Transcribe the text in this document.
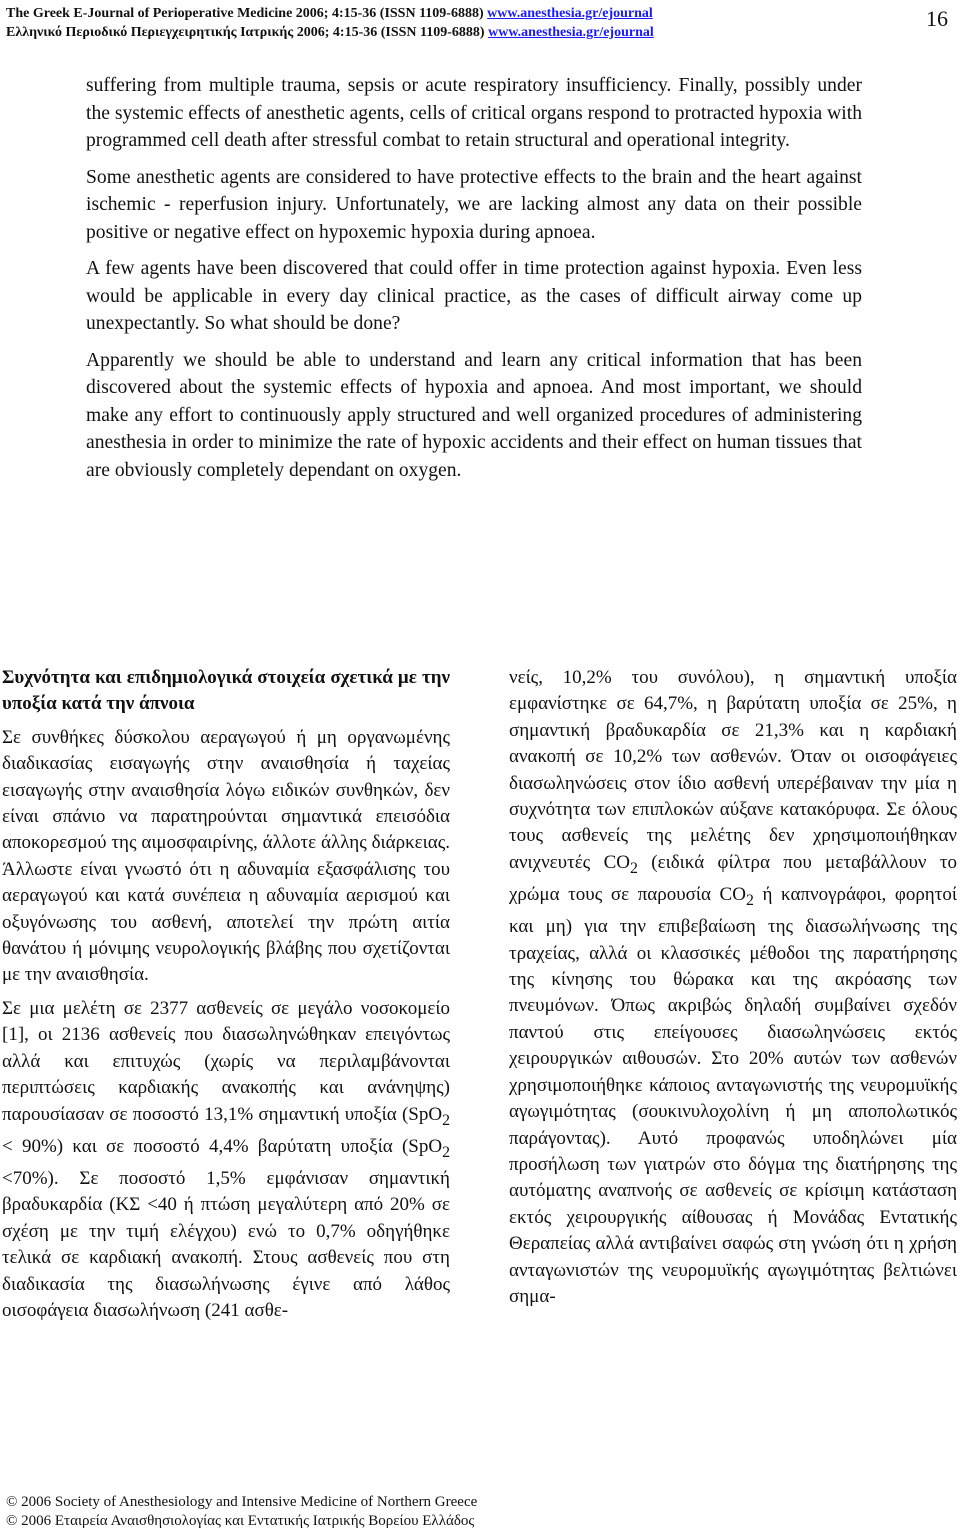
The Greek E-Journal of Perioperative Medicine 2006; 4:15-36 (ISSN 1109-6888) www.anesthesia.gr/ejournal
Ελληνικό Περιοδικό Περιεγχειρητικής Ιατρικής 2006; 4:15-36 (ISSN 1109-6888) www.anesthesia.gr/ejournal
16

suffering from multiple trauma, sepsis or acute respiratory insufficiency. Finally, possibly under the systemic effects of anesthetic agents, cells of critical organs respond to protracted hypoxia with programmed cell death after stressful combat to retain structural and operational integrity.

Some anesthetic agents are considered to have protective effects to the brain and the heart against ischemic - reperfusion injury. Unfortunately, we are lacking almost any data on their possible positive or negative effect on hypoxemic hypoxia during apnoea.

A few agents have been discovered that could offer in time protection against hypoxia. Even less would be applicable in every day clinical practice, as the cases of difficult airway come up unexpectantly. So what should be done?

Apparently we should be able to understand and learn any critical information that has been discovered about the systemic effects of hypoxia and apnoea. And most important, we should make any effort to continuously apply structured and well organized procedures of administering anesthesia in order to minimize the rate of hypoxic accidents and their effect on human tissues that are obviously completely dependant on oxygen.

Συχνότητα και επιδημιολογικά στοιχεία σχετικά με την υποξία κατά την άπνοια

Σε συνθήκες δύσκολου αεραγωγού ή μη οργανωμένης διαδικασίας εισαγωγής στην αναισθησία ή ταχείας εισαγωγής στην αναισθησία λόγω ειδικών συνθηκών, δεν είναι σπάνιο να παρατηρούνται σημαντικά επεισόδια αποκορεσμού της αιμοσφαιρίνης, άλλοτε άλλης διάρκειας. Άλλωστε είναι γνωστό ότι η αδυναμία εξασφάλισης του αεραγωγού και κατά συνέπεια η αδυναμία αερισμού και οξυγόνωσης του ασθενή, αποτελεί την πρώτη αιτία θανάτου ή μόνιμης νευρολογικής βλάβης που σχετίζονται με την αναισθησία.

Σε μια μελέτη σε 2377 ασθενείς σε μεγάλο νοσοκομείο [1], οι 2136 ασθενείς που διασωληνώθηκαν επειγόντως αλλά και επιτυχώς (χωρίς να περιλαμβάνονται περιπτώσεις καρδιακής ανακοπής και ανάνηψης) παρουσίασαν σε ποσοστό 13,1% σημαντική υποξία (SpO$_2$ < 90%) και σε ποσοστό 4,4% βαρύτατη υποξία (SpO$_2$ <70%). Σε ποσοστό 1,5% εμφάνισαν σημαντική βραδυκαρδία (ΚΣ <40 ή πτώση μεγαλύτερη από 20% σε σχέση με την τιμή ελέγχου) ενώ το 0,7% οδηγήθηκε τελικά σε καρδιακή ανακοπή. Στους ασθενείς που στη διαδικασία της διασωλήνωσης έγινε από λάθος οισοφάγεια διασωλήνωση (241 ασθε-

νείς, 10,2% του συνόλου), η σημαντική υποξία εμφανίστηκε σε 64,7%, η βαρύτατη υποξία σε 25%, η σημαντική βραδυκαρδία σε 21,3% και η καρδιακή ανακοπή σε 10,2% των ασθενών. Όταν οι οισοφάγειες διασωληνώσεις στον ίδιο ασθενή υπερέβαιναν την μία η συχνότητα των επιπλοκών αύξανε κατακόρυφα. Σε όλους τους ασθενείς της μελέτης δεν χρησιμοποιήθηκαν ανιχνευτές $CO_2$ (ειδικά φίλτρα που μεταβάλλουν το χρώμα τους σε παρουσία $CO_2$ ή καπνογράφοι, φορητοί και μη) για την επιβεβαίωση της διασωλήνωσης της τραχείας, αλλά οι κλασσικές μέθοδοι της παρατήρησης της κίνησης του θώρακα και της ακρόασης των πνευμόνων. Όπως ακριβώς δηλαδή συμβαίνει σχεδόν παντού στις επείγουσες διασωληνώσεις εκτός χειρουργικών αιθουσών. Στο 20% αυτών των ασθενών χρησιμοποιήθηκε κάποιος ανταγωνιστής της νευρομυϊκής αγωγιμότητας (σουκινυλοχολίνη ή μη αποπολωτικός παράγοντας). Αυτό προφανώς υποδηλώνει μία προσήλωση των γιατρών στο δόγμα της διατήρησης της αυτόματης αναπνοής σε ασθενείς σε κρίσιμη κατάσταση εκτός χειρουργικής αίθουσας ή Μονάδας Εντατικής Θεραπείας αλλά αντιβαίνει σαφώς στη γνώση ότι η χρήση ανταγωνιστών της νευρομυϊκής αγωγιμότητας βελτιώνει σημα-

© 2006 Society of Anesthesiology and Intensive Medicine of Northern Greece
© 2006 Εταιρεία Αναισθησιολογίας και Εντατικής Ιατρικής Βορείου Ελλάδος
